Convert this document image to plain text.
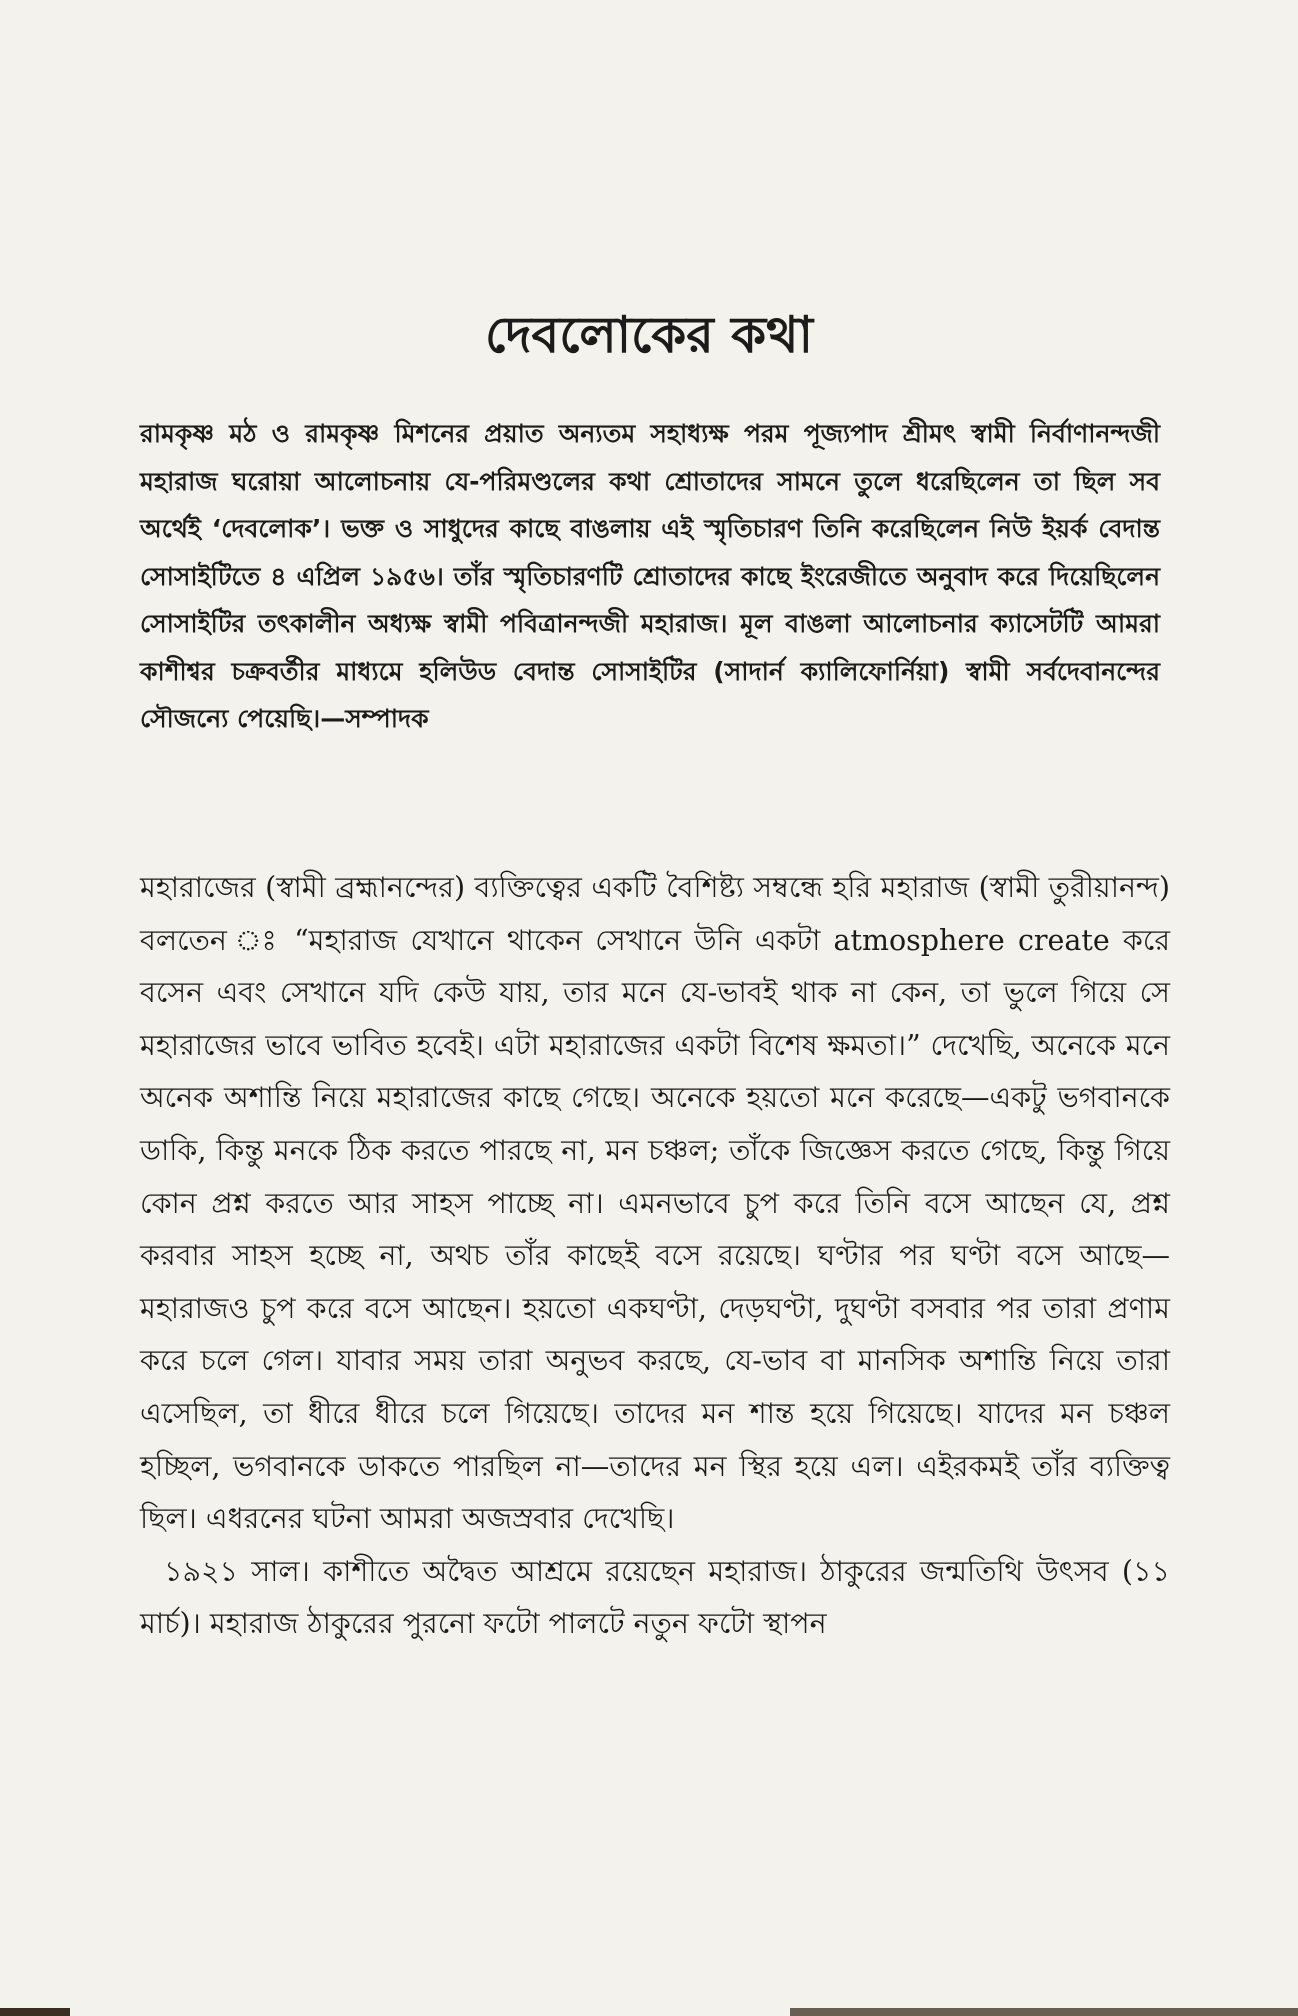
দেবলোকের কথা
রামকৃষ্ণ মঠ ও রামকৃষ্ণ মিশনের প্রয়াত অন্যতম সহাধ্যক্ষ পরম পূজ্যপাদ শ্রীমৎ স্বামী নির্বাণানন্দজী মহারাজ ঘরোয়া আলোচনায় যে-পরিমণ্ডলের কথা শ্রোতাদের সামনে তুলে ধরেছিলেন তা ছিল সব অর্থেই ‘দেবলোক’। ভক্ত ও সাধুদের কাছে বাঙলায় এই স্মৃতিচারণ তিনি করেছিলেন নিউ ইয়র্ক বেদান্ত সোসাইটিতে ৪ এপ্রিল ১৯৫৬। তাঁর স্মৃতিচারণটি শ্রোতাদের কাছে ইংরেজীতে অনুবাদ করে দিয়েছিলেন সোসাইটির তৎকালীন অধ্যক্ষ স্বামী পবিত্রানন্দজী মহারাজ। মূল বাঙলা আলোচনার ক্যাসেটটি আমরা কাশীশ্বর চক্রবর্তীর মাধ্যমে হলিউড বেদান্ত সোসাইটির (সাদার্ন ক্যালিফোর্নিয়া) স্বামী সর্বদেবানন্দের সৌজন্যে পেয়েছি।—সম্পাদক

মহারাজের (স্বামী ব্রহ্মানন্দের) ব্যক্তিত্বের একটি বৈশিষ্ট্য সম্বন্ধে হরি মহারাজ (স্বামী তুরীয়ানন্দ) বলতেন ঃ “মহারাজ যেখানে থাকেন সেখানে উনি একটা atmosphere create করে বসেন এবং সেখানে যদি কেউ যায়, তার মনে যে-ভাবই থাক না কেন, তা ভুলে গিয়ে সে মহারাজের ভাবে ভাবিত হবেই। এটা মহারাজের একটা বিশেষ ক্ষমতা।” দেখেছি, অনেকে মনে অনেক অশান্তি নিয়ে মহারাজের কাছে গেছে। অনেকে হয়তো মনে করেছে—একটু ভগবানকে ডাকি, কিন্তু মনকে ঠিক করতে পারছে না, মন চঞ্চল; তাঁকে জিজ্ঞেস করতে গেছে, কিন্তু গিয়ে কোন প্রশ্ন করতে আর সাহস পাচ্ছে না। এমনভাবে চুপ করে তিনি বসে আছেন যে, প্রশ্ন করবার সাহস হচ্ছে না, অথচ তাঁর কাছেই বসে রয়েছে। ঘণ্টার পর ঘণ্টা বসে আছে—মহারাজও চুপ করে বসে আছেন। হয়তো একঘণ্টা, দেড়ঘণ্টা, দুঘণ্টা বসবার পর তারা প্রণাম করে চলে গেল। যাবার সময় তারা অনুভব করছে, যে-ভাব বা মানসিক অশান্তি নিয়ে তারা এসেছিল, তা ধীরে ধীরে চলে গিয়েছে। তাদের মন শান্ত হয়ে গিয়েছে। যাদের মন চঞ্চল হচ্ছিল, ভগবানকে ডাকতে পারছিল না—তাদের মন স্থির হয়ে এল। এইরকমই তাঁর ব্যক্তিত্ব ছিল। এধরনের ঘটনা আমরা অজস্রবার দেখেছি।

১৯২১ সাল। কাশীতে অদ্বৈত আশ্রমে রয়েছেন মহারাজ। ঠাকুরের জন্মতিথি উৎসব (১১ মার্চ)। মহারাজ ঠাকুরের পুরনো ফটো পালটে নতুন ফটো স্থাপন
